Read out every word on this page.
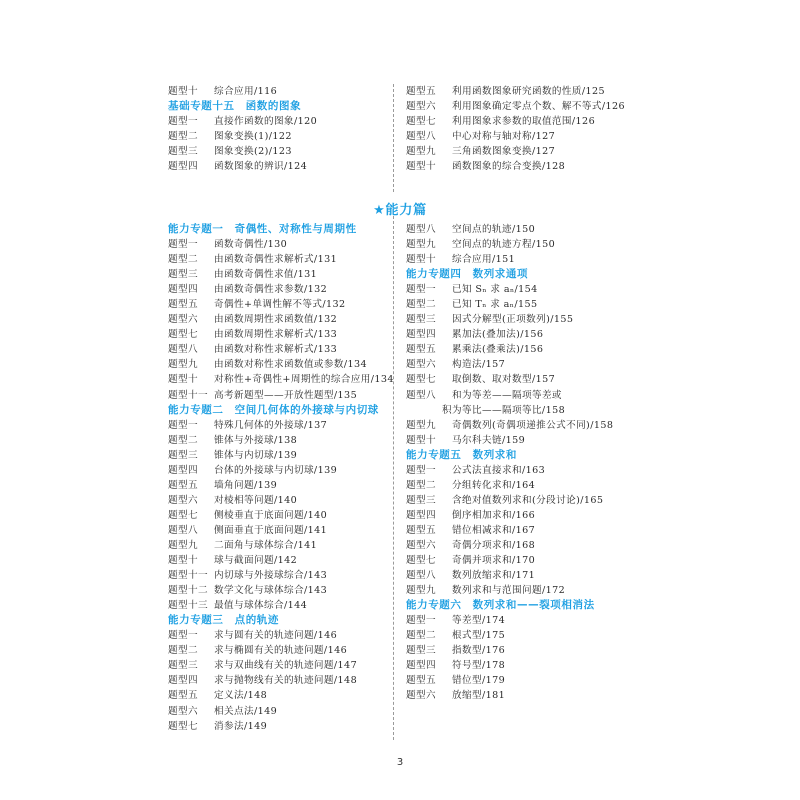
题型十 综合应用/116
基础专题十五　函数的图象
题型一 直接作函数的图象/120
题型二 图象变换(1)/122
题型三 图象变换(2)/123
题型四 函数图象的辨识/124
题型五 利用函数图象研究函数的性质/125
题型六 利用图象确定零点个数、解不等式/126
题型七 利用图象求参数的取值范围/126
题型八 中心对称与轴对称/127
题型九 三角函数图象变换/127
题型十 函数图象的综合变换/128
★能力篇
能力专题一　奇偶性、对称性与周期性
题型一 函数奇偶性/130
题型二 由函数奇偶性求解析式/131
题型三 由函数奇偶性求值/131
题型四 由函数奇偶性求参数/132
题型五 奇偶性+单调性解不等式/132
题型六 由函数周期性求函数值/132
题型七 由函数周期性求解析式/133
题型八 由函数对称性求解析式/133
题型九 由函数对称性求函数值或参数/134
题型十 对称性+奇偶性+周期性的综合应用/134
题型十一 高考新题型——开放性题型/135
能力专题二　空间几何体的外接球与内切球
题型一 特殊几何体的外接球/137
题型二 锥体与外接球/138
题型三 锥体与内切球/139
题型四 台体的外接球与内切球/139
题型五 墙角问题/139
题型六 对棱相等问题/140
题型七 侧棱垂直于底面问题/140
题型八 侧面垂直于底面问题/141
题型九 二面角与球体综合/141
题型十 球与截面问题/142
题型十一 内切球与外接球综合/143
题型十二 数学文化与球体综合/143
题型十三 最值与球体综合/144
能力专题三　点的轨迹
题型一 求与圆有关的轨迹问题/146
题型二 求与椭圆有关的轨迹问题/146
题型三 求与双曲线有关的轨迹问题/147
题型四 求与抛物线有关的轨迹问题/148
题型五 定义法/148
题型六 相关点法/149
题型七 消参法/149
题型八 空间点的轨迹/150
题型九 空间点的轨迹方程/150
题型十 综合应用/151
能力专题四　数列求通项
题型一 已知 Sₙ 求 aₙ/154
题型二 已知 Tₙ 求 aₙ/155
题型三 因式分解型(正项数列)/155
题型四 累加法(叠加法)/156
题型五 累乘法(叠乘法)/156
题型六 构造法/157
题型七 取倒数、取对数型/157
题型八 和为等差——隔项等差或
积为等比——隔项等比/158
题型九 奇偶数列(奇偶项递推公式不同)/158
题型十 马尔科夫链/159
能力专题五　数列求和
题型一 公式法直接求和/163
题型二 分组转化求和/164
题型三 含绝对值数列求和(分段讨论)/165
题型四 倒序相加求和/166
题型五 错位相减求和/167
题型六 奇偶分项求和/168
题型七 奇偶并项求和/170
题型八 数列放缩求和/171
题型九 数列求和与范围问题/172
能力专题六　数列求和——裂项相消法
题型一 等差型/174
题型二 根式型/175
题型三 指数型/176
题型四 符号型/178
题型五 错位型/179
题型六 放缩型/181
3
